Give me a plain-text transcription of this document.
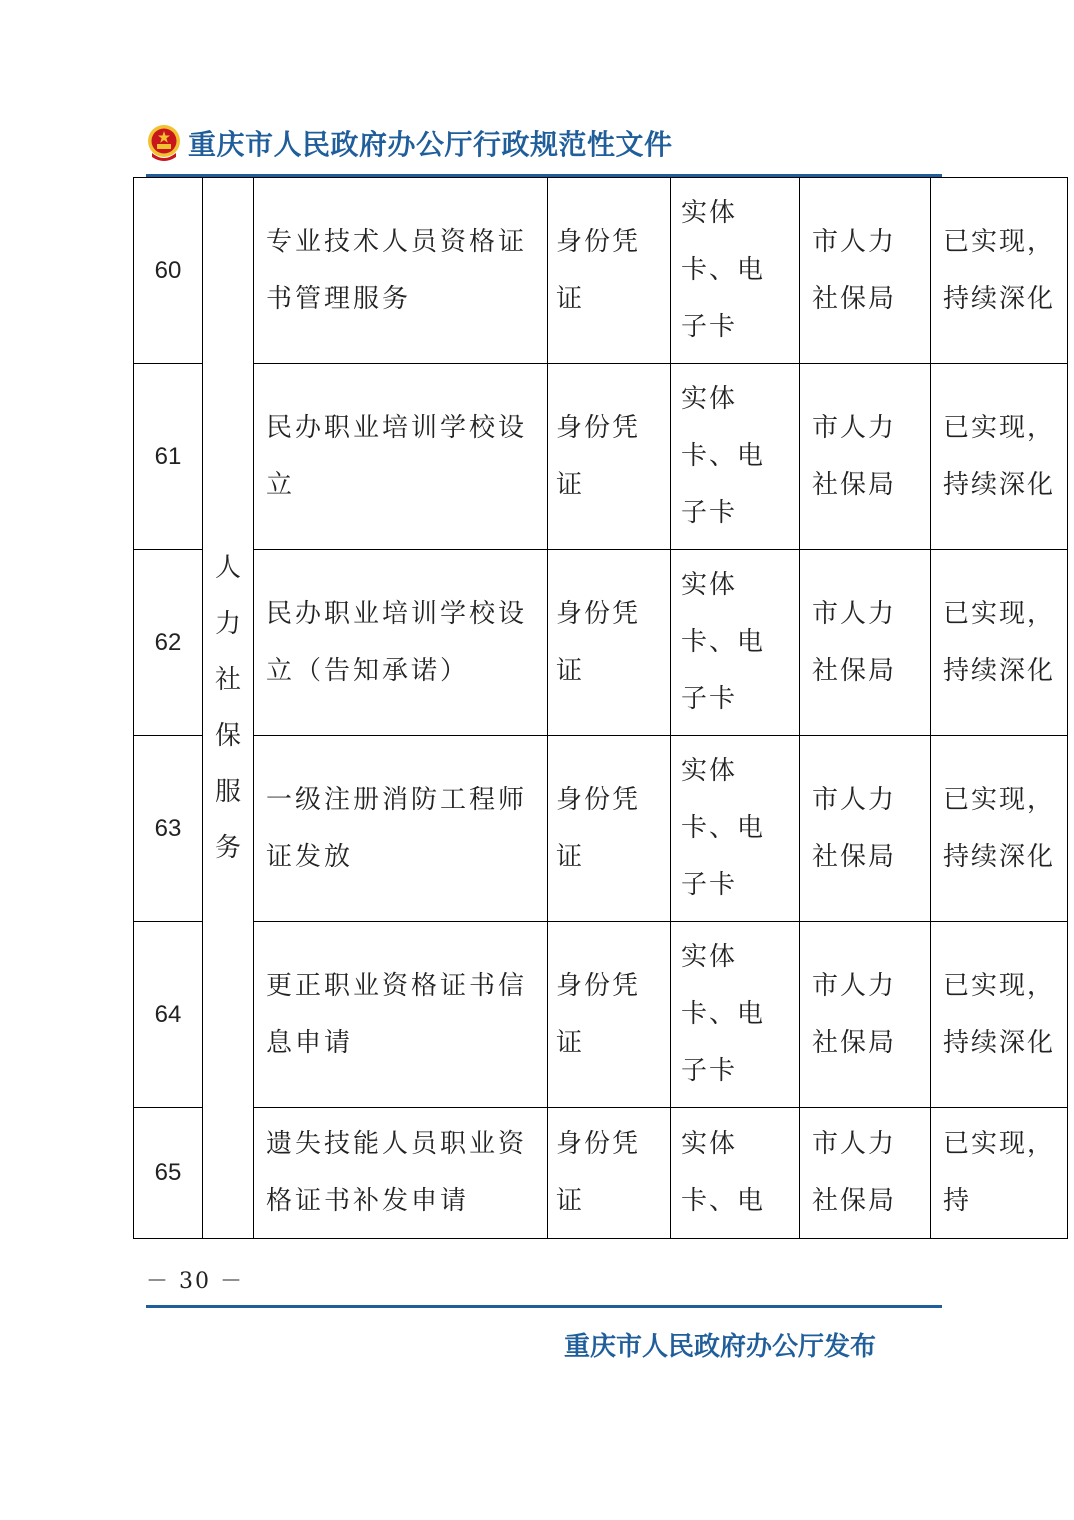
重庆市人民政府办公厅行政规范性文件
60	人力社保服务	专业技术人员资格证书管理服务	身份凭证	实体卡、电子卡	市人力社保局	已实现，持续深化

61		民办职业培训学校设立	身份凭证	实体卡、电子卡	市人力社保局	已实现，持续深化

62		民办职业培训学校设立（告知承诺）	身份凭证	实体卡、电子卡	市人力社保局	已实现，持续深化

63		一级注册消防工程师证发放	身份凭证	实体卡、电子卡	市人力社保局	已实现，持续深化

64		更正职业资格证书信息申请	身份凭证	实体卡、电子卡	市人力社保局	已实现，持续深化

65		遗失技能人员职业资格证书补发申请	身份凭证	实体卡、电	市人力社保局	已实现，持
－ 30 －
重庆市人民政府办公厅发布
